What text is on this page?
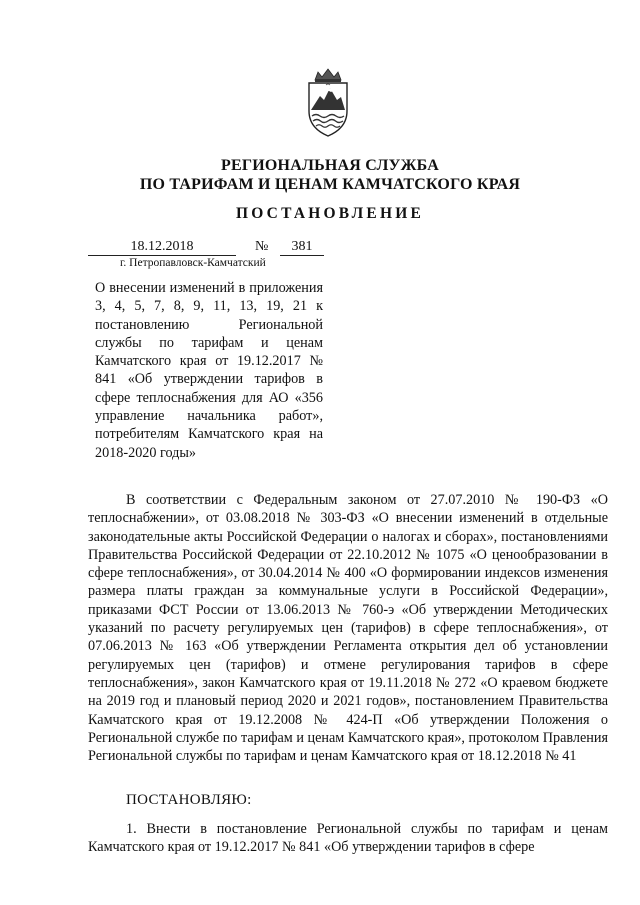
РЕГИОНАЛЬНАЯ СЛУЖБА
ПО ТАРИФАМ И ЦЕНАМ КАМЧАТСКОГО КРАЯ
ПОСТАНОВЛЕНИЕ
18.12.2018	№	381
г. Петропавловск-Камчатский
О внесении изменений в приложения 3, 4, 5, 7, 8, 9, 11, 13, 19, 21 к постановлению Региональной службы по тарифам и ценам Камчатского края от 19.12.2017 № 841 «Об утверждении тарифов в сфере теплоснабжения для АО «356 управление начальника работ», потребителям Камчатского края на 2018-2020 годы»
В соответствии с Федеральным законом от 27.07.2010 № 190-ФЗ «О теплоснабжении», от 03.08.2018 № 303-ФЗ «О внесении изменений в отдельные законодательные акты Российской Федерации о налогах и сборах», постановлениями Правительства Российской Федерации от 22.10.2012 № 1075 «О ценообразовании в сфере теплоснабжения», от 30.04.2014 № 400 «О формировании индексов изменения размера платы граждан за коммунальные услуги в Российской Федерации», приказами ФСТ России от 13.06.2013 № 760-э «Об утверждении Методических указаний по расчету регулируемых цен (тарифов) в сфере теплоснабжения», от 07.06.2013 № 163 «Об утверждении Регламента открытия дел об установлении регулируемых цен (тарифов) и отмене регулирования тарифов в сфере теплоснабжения», закон Камчатского края от 19.11.2018 № 272 «О краевом бюджете на 2019 год и плановый период 2020 и 2021 годов», постановлением Правительства Камчатского края от 19.12.2008 № 424-П «Об утверждении Положения о Региональной службе по тарифам и ценам Камчатского края», протоколом Правления Региональной службы по тарифам и ценам Камчатского края от 18.12.2018 № 41
ПОСТАНОВЛЯЮ:
1. Внести в постановление Региональной службы по тарифам и ценам Камчатского края от 19.12.2017 № 841 «Об утверждении тарифов в сфере
